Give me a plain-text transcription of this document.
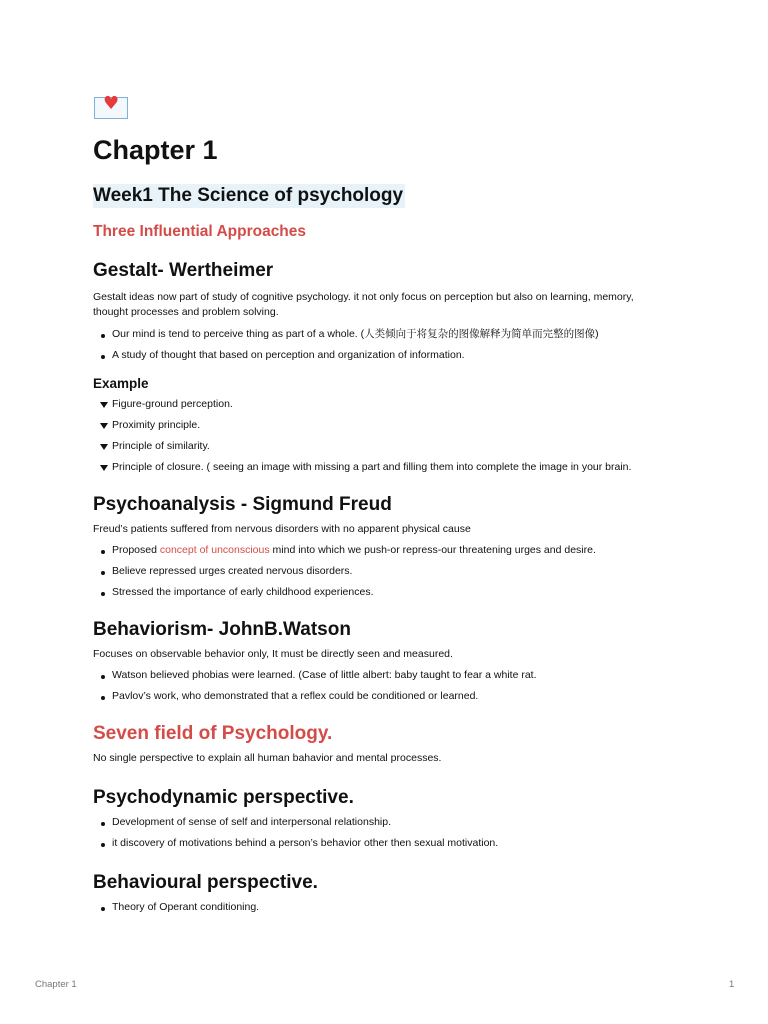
♥
Chapter 1
Week1 The Science of psychology
Three Influential Approaches
Gestalt- Wertheimer
Gestalt ideas now part of study of cognitive psychology. it not only focus on perception but also on learning, memory, thought processes and problem solving.
Our mind is tend to perceive thing as part of a whole. (人类倾向于将复杂的图像解释为简单而完整的图像)
A study of thought that based on perception and organization of information.
Example
Figure-ground perception.
Proximity principle.
Principle of similarity.
Principle of closure. ( seeing an image with missing a part and filling them into complete the image in your brain.
Psychoanalysis - Sigmund Freud
Freud’s patients suffered from nervous disorders with no apparent physical cause
Proposed concept of unconscious mind into which we push-or repress-our threatening urges and desire.
Believe repressed urges created nervous disorders.
Stressed the importance of early childhood experiences.
Behaviorism- JohnB.Watson
Focuses on observable behavior only, It must be directly seen and measured.
Watson believed phobias were learned. (Case of little albert: baby taught to fear a white rat.
Pavlov’s work, who demonstrated that a reflex could be conditioned or learned.
Seven field of Psychology.
No single perspective to explain all human bahavior and mental processes.
Psychodynamic perspective.
Development of sense of self and interpersonal relationship.
it discovery of motivations behind a person’s behavior other then sexual motivation.
Behavioural perspective.
Theory of Operant conditioning.
Chapter 1	1
